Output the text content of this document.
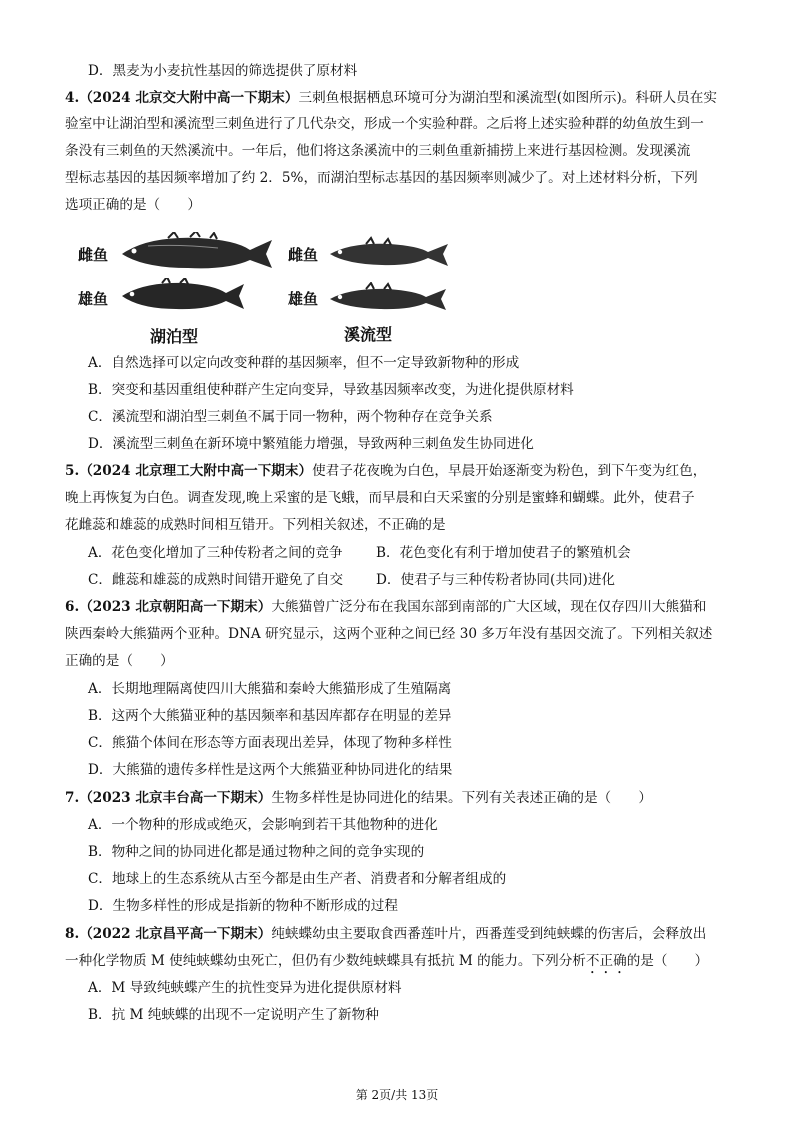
D．黑麦为小麦抗性基因的筛选提供了原材料
4.（2024 北京交大附中高一下期末）三刺鱼根据栖息环境可分为湖泊型和溪流型(如图所示)。科研人员在实
验室中让湖泊型和溪流型三刺鱼进行了几代杂交，形成一个实验种群。之后将上述实验种群的幼鱼放生到一
条没有三刺鱼的天然溪流中。一年后，他们将这条溪流中的三刺鱼重新捕捞上来进行基因检测。发现溪流
型标志基因的基因频率增加了约 2．5%，而湖泊型标志基因的基因频率则减少了。对上述材料分析，下列
选项正确的是（　　）
雌鱼
雄鱼
雌鱼
雄鱼
湖泊型	溪流型
A．自然选择可以定向改变种群的基因频率，但不一定导致新物种的形成
B．突变和基因重组使种群产生定向变异，导致基因频率改变，为进化提供原材料
C．溪流型和湖泊型三刺鱼不属于同一物种，两个物种存在竞争关系
D．溪流型三刺鱼在新环境中繁殖能力增强，导致两种三刺鱼发生协同进化
5.（2024 北京理工大附中高一下期末）使君子花夜晚为白色，早晨开始逐渐变为粉色，到下午变为红色，
晚上再恢复为白色。调查发现,晚上采蜜的是飞蛾，而早晨和白天采蜜的分别是蜜蜂和蝴蝶。此外，使君子
花雌蕊和雄蕊的成熟时间相互错开。下列相关叙述，不正确的是
A．花色变化增加了三种传粉者之间的竞争 B．花色变化有利于增加使君子的繁殖机会
C．雌蕊和雄蕊的成熟时间错开避免了自交 D．使君子与三种传粉者协同(共同)进化
6.（2023 北京朝阳高一下期末）大熊猫曾广泛分布在我国东部到南部的广大区域，现在仅存四川大熊猫和
陕西秦岭大熊猫两个亚种。DNA 研究显示，这两个亚种之间已经 30 多万年没有基因交流了。下列相关叙述
正确的是（　　）
A．长期地理隔离使四川大熊猫和秦岭大熊猫形成了生殖隔离
B．这两个大熊猫亚种的基因频率和基因库都存在明显的差异
C．熊猫个体间在形态等方面表现出差异，体现了物种多样性
D．大熊猫的遗传多样性是这两个大熊猫亚种协同进化的结果
7.（2023 北京丰台高一下期末）生物多样性是协同进化的结果。下列有关表述正确的是（　　）
A．一个物种的形成或绝灭，会影响到若干其他物种的进化
B．物种之间的协同进化都是通过物种之间的竞争实现的
C．地球上的生态系统从古至今都是由生产者、消费者和分解者组成的
D．生物多样性的形成是指新的物种不断形成的过程
8.（2022 北京昌平高一下期末）纯蛱蝶幼虫主要取食西番莲叶片，西番莲受到纯蛱蝶的伤害后，会释放出
一种化学物质 M 使纯蛱蝶幼虫死亡，但仍有少数纯蛱蝶具有抵抗 M 的能力。下列分析不正确的是（　　）
A．M 导致纯蛱蝶产生的抗性变异为进化提供原材料
B．抗 M 纯蛱蝶的出现不一定说明产生了新物种
第 2页/共 13页
